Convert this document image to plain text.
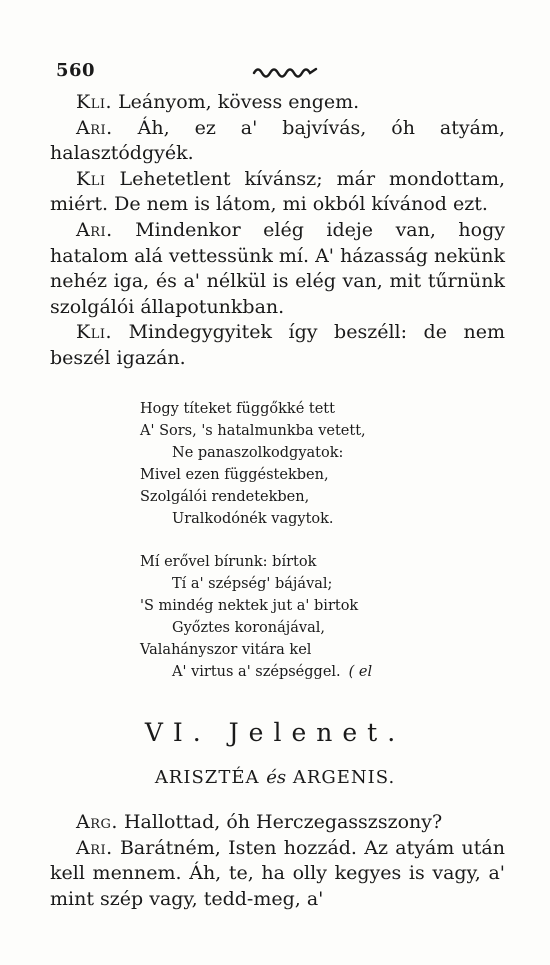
560

Kli. Leányom, kövess engem.

Ari. Áh, ez a' bajvívás, óh atyám, halasztódgyék.

Kli Lehetetlent kívánsz; már mondottam, miért. De nem is látom, mi okból kívánod ezt.

Ari. Mindenkor elég ideje van, hogy hatalom alá vettessünk mí. A' házasság nekünk nehéz iga, és a' nélkül is elég van, mit tűrnünk szolgálói állapotunkban.

Kli. Mindegygyitek így beszéll: de nem beszél igazán.

Hogy títeket függőkké tett
A' Sors, 's hatalmunkba vetett,
Ne panaszolkodgyatok:
Mivel ezen függéstekben,
Szolgálói rendetekben,
Uralkodónék vagytok.
Mí erővel bírunk: bírtok
Tí a' szépség' bájával;
'S mindég nektek jut a' birtok
Győztes koronájával,
Valahányszor vitára kel
A' virtus a' szépséggel. ( el
VI. Jelenet.
ARISZTÉA és ARGENIS.

Arg. Hallottad, óh Herczegasszszony?

Ari. Barátném, Isten hozzád. Az atyám után kell mennem. Áh, te, ha olly kegyes is vagy, a' mint szép vagy, tedd-meg, a'
